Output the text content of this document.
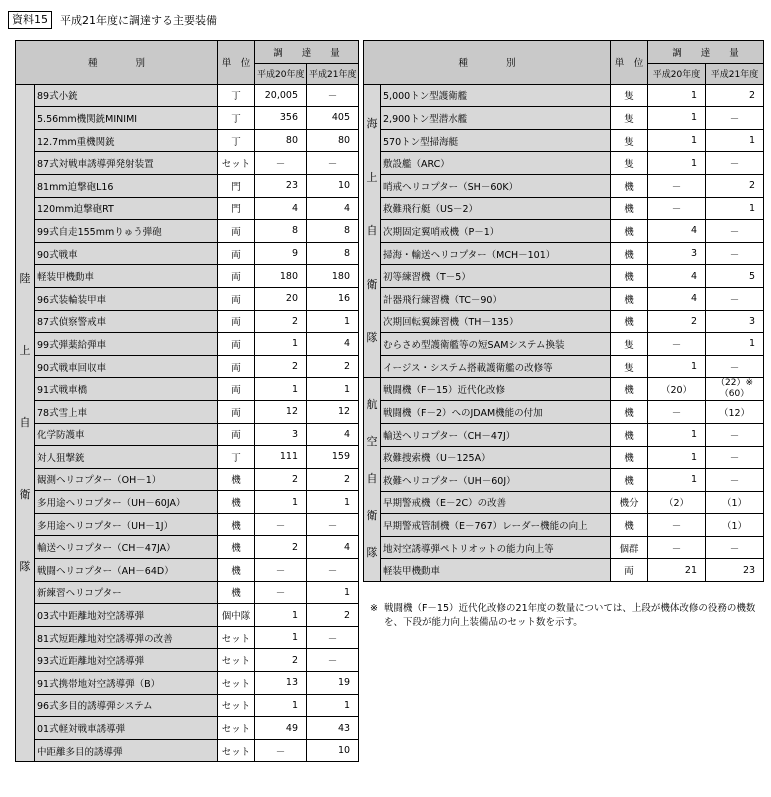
資料15	平成21年度に調達する主要装備
種　　　　別		単　位	調　　達　　量	
			平成20年度	平成21年度

陸上自衛隊	89式小銃	丁	20,005	－
	5.56mm機関銃MINIMI	丁	356	405
	12.7mm重機関銃	丁	80	80
	87式対戦車誘導弾発射装置	セット	－	－
	81mm迫撃砲L16	門	23	10
	120mm迫撃砲RT	門	4	4
	99式自走155mmりゅう弾砲	両	8	8
	90式戦車	両	9	8
	軽装甲機動車	両	180	180
	96式装輪装甲車	両	20	16
	87式偵察警戒車	両	2	1
	99式弾薬給弾車	両	1	4
	90式戦車回収車	両	2	2
	91式戦車橋	両	1	1
	78式雪上車	両	12	12
	化学防護車	両	3	4
	対人狙撃銃	丁	111	159
	観測ヘリコプター（OH－1）	機	2	2
	多用途ヘリコプター（UH－60JA）	機	1	1
	多用途ヘリコプター（UH－1J）	機	－	－
	輸送ヘリコプター（CH－47JA）	機	2	4
	戦闘ヘリコプター（AH－64D）	機	－	－
	新練習ヘリコプター	機	－	1
	03式中距離地対空誘導弾	個中隊	1	2
	81式短距離地対空誘導弾の改善	セット	1	－
	93式近距離地対空誘導弾	セット	2	－
	91式携帯地対空誘導弾（B）	セット	13	19
	96式多目的誘導弾システム	セット	1	1
	01式軽対戦車誘導弾	セット	49	43
	中距離多目的誘導弾	セット	－	10
種　　　　別		単　位	調　　達　　量	
			平成20年度	平成21年度

海上自衛隊	5,000トン型護衛艦	隻	1	2
	2,900トン型潜水艦	隻	1	－
	570トン型掃海艇	隻	1	1
	敷設艦（ARC）	隻	1	－
	哨戒ヘリコプター（SH－60K）	機	－	2
	救難飛行艇（US－2）	機	－	1
	次期固定翼哨戒機（P－1）	機	4	－
	掃海・輸送ヘリコプター（MCH－101）	機	3	－
	初等練習機（T－5）	機	4	5
	計器飛行練習機（TC－90）	機	4	－
	次期回転翼練習機（TH－135）	機	2	3
	むらさめ型護衛艦等の短SAMシステム換装	隻	－	1
	イージス・システム搭載護衛艦の改修等	隻	1	－

航空自衛隊	戦闘機（F－15）近代化改修	機	（20）	（22）※
（60）

	戦闘機（F－2）へのJDAM機能の付加	機	－	（12）
	輸送ヘリコプター（CH－47J）	機	1	－
	救難捜索機（U－125A）	機	1	－
	救難ヘリコプター（UH－60J）	機	1	－
	早期警戒機（E－2C）の改善	機分	（2）	（1）
	早期警戒管制機（E－767）レーダー機能の向上	機	－	（1）
	地対空誘導弾ペトリオットの能力向上等	個群	－	－
	軽装甲機動車	両	21	23
※ 戦闘機（F－15）近代化改修の21年度の数量については、上段が機体改修の役務の機数を、下段が能力向上装備品のセット数を示す。
